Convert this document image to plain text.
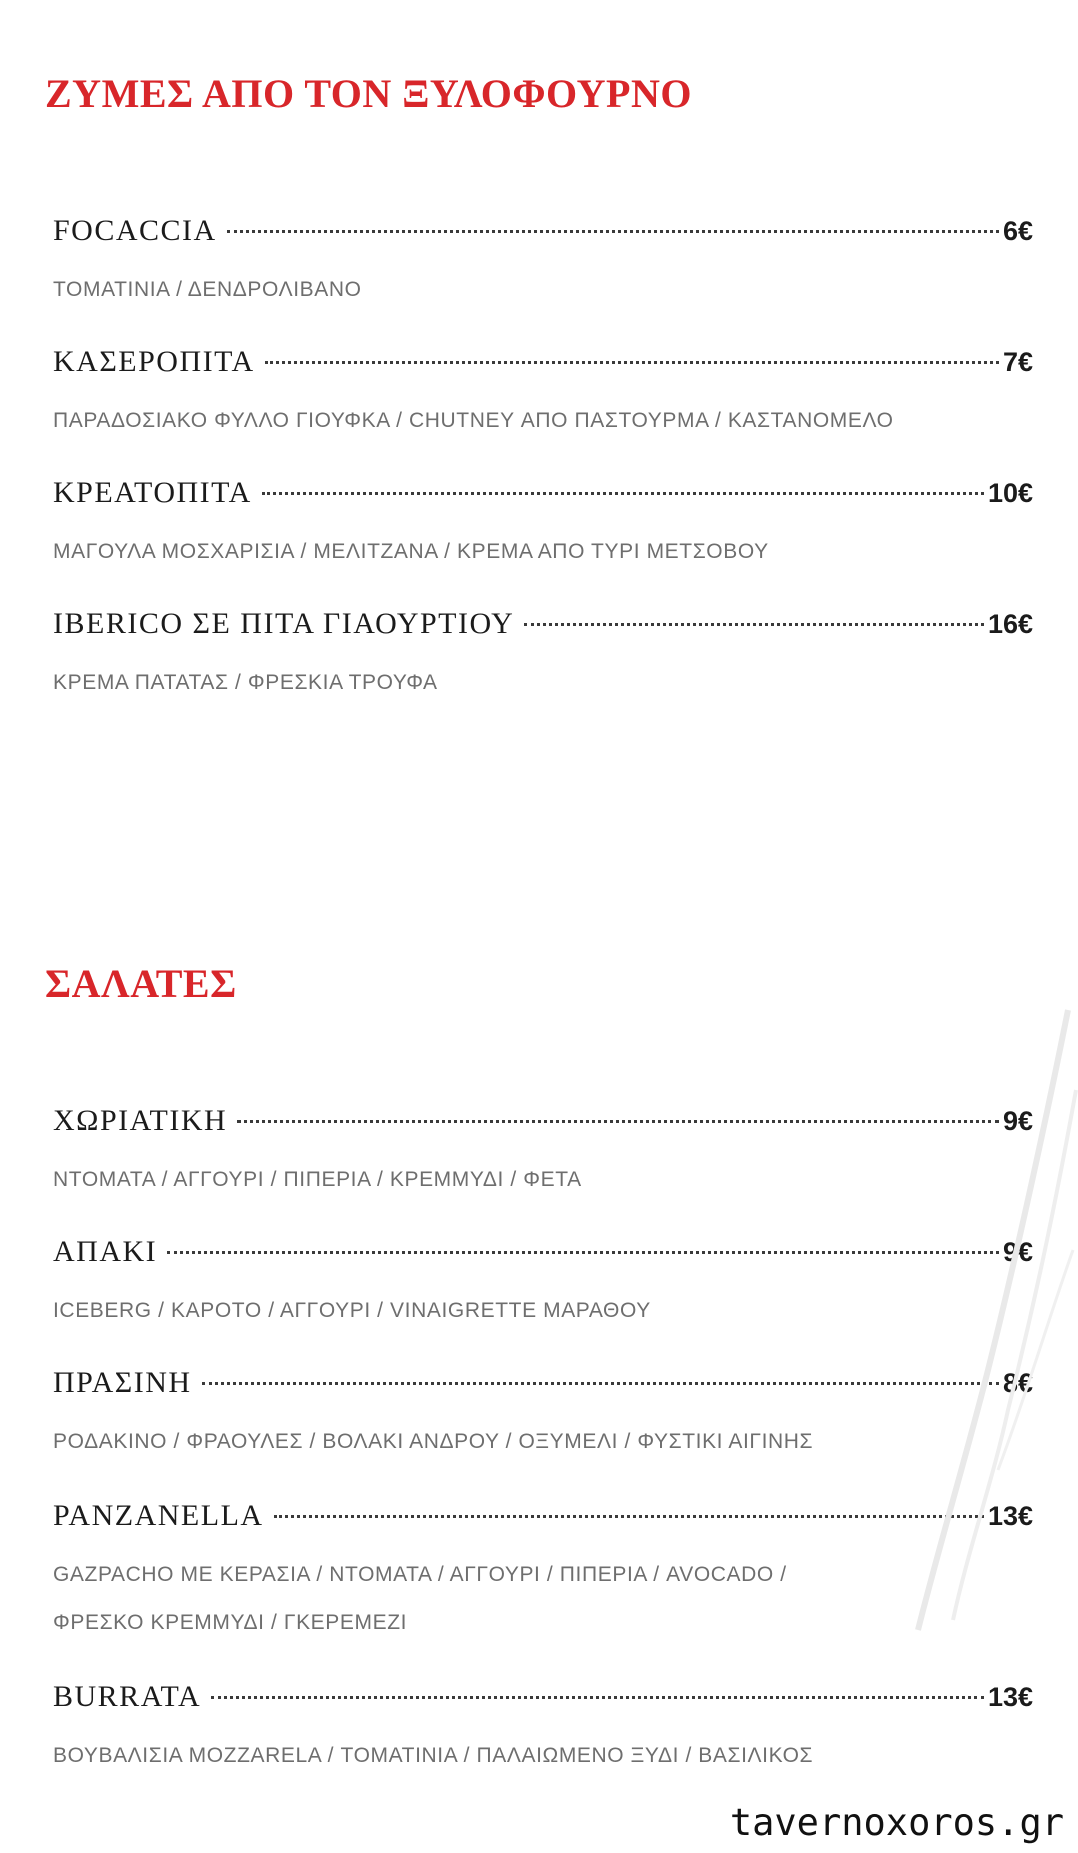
ΖΥΜΕΣ ΑΠΟ ΤΟΝ ΞΥΛΟΦΟΥΡΝΟ
FOCACCIA	6€
ΤΟΜΑΤΙΝΙΑ / ΔΕΝΔΡΟΛΙΒΑΝΟ
ΚΑΣΕΡΟΠΙΤΑ	7€
ΠΑΡΑΔΟΣΙΑΚΟ ΦΥΛΛΟ ΓΙΟΥΦΚΑ / CHUTNEY ΑΠΟ ΠΑΣΤΟΥΡΜΑ / ΚΑΣΤΑΝΟΜΕΛΟ
ΚΡΕΑΤΟΠΙΤΑ	10€
ΜΑΓΟΥΛΑ ΜΟΣΧΑΡΙΣΙΑ / ΜΕΛΙΤΖΑΝΑ / ΚΡΕΜΑ ΑΠΟ ΤΥΡΙ ΜΕΤΣΟΒΟΥ
IBERICO ΣΕ ΠΙΤΑ ΓΙΑΟΥΡΤΙΟΥ	16€
ΚΡΕΜΑ ΠΑΤΑΤΑΣ / ΦΡΕΣΚΙΑ ΤΡΟΥΦΑ
ΣΑΛΑΤΕΣ
ΧΩΡΙΑΤΙΚΗ	9€
ΝΤΟΜΑΤΑ / ΑΓΓΟΥΡΙ / ΠΙΠΕΡΙΑ / ΚΡΕΜΜΥΔΙ / ΦΕΤΑ
ΑΠΑΚΙ	9€
ICEBERG / ΚΑΡΟΤΟ / ΑΓΓΟΥΡΙ / VINAIGRETTE ΜΑΡΑΘΟΥ
ΠΡΑΣΙΝΗ	8€
ΡΟΔΑΚΙΝΟ / ΦΡΑΟΥΛΕΣ / ΒΟΛΑΚΙ ΑΝΔΡΟΥ / ΟΞΥΜΕΛΙ / ΦΥΣΤΙΚΙ ΑΙΓΙΝΗΣ
PANZANELLA	13€
GAZPACHO ΜΕ ΚΕΡΑΣΙΑ / ΝΤΟΜΑΤΑ / ΑΓΓΟΥΡΙ / ΠΙΠΕΡΙΑ / AVOCADO /
ΦΡΕΣΚΟ ΚΡΕΜΜΥΔΙ / ΓΚΕΡΕΜΕΖΙ
BURRATA	13€
ΒΟΥΒΑΛΙΣΙΑ MOZZARELA / ΤΟΜΑΤΙΝΙΑ / ΠΑΛΑΙΩΜΕΝΟ ΞΥΔΙ / ΒΑΣΙΛΙΚΟΣ
tavernoxoros.gr
